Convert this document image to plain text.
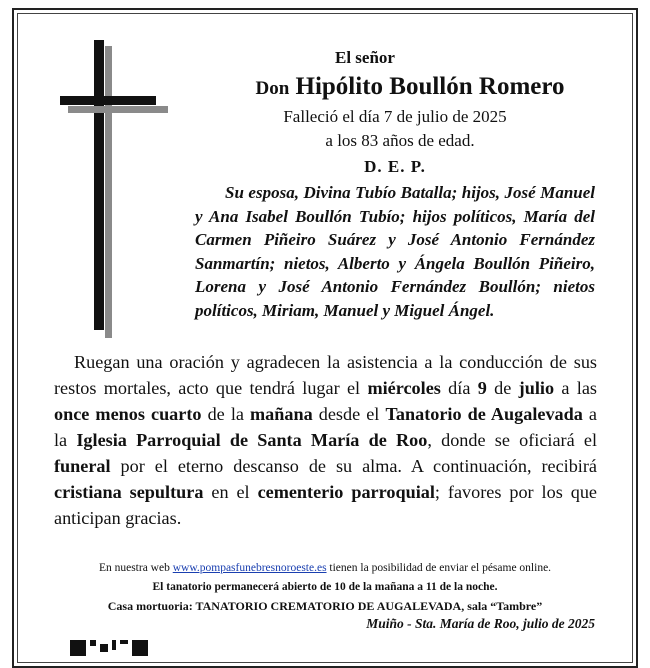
El señor
Don Hipólito Boullón Romero
Falleció el día 7 de julio de 2025
a los 83 años de edad.
D. E. P.
Su esposa, Divina Tubío Batalla; hijos, José Manuel y Ana Isabel Boullón Tubío; hijos políticos, María del Carmen Piñeiro Suárez y José Antonio Fernández Sanmartín; nietos, Alberto y Ángela Boullón Piñeiro, Lorena y José Antonio Fernández Boullón; nietos políticos, Miriam, Manuel y Miguel Ángel.
Ruegan una oración y agradecen la asistencia a la conducción de sus restos mortales, acto que tendrá lugar el miércoles día 9 de julio a las once menos cuarto de la mañana desde el Tanatorio de Augalevada a la Iglesia Parroquial de Santa María de Roo, donde se oficiará el funeral por el eterno descanso de su alma. A continuación, recibirá cristiana sepultura en el cementerio parroquial; favores por los que anticipan gracias.
En nuestra web www.pompasfunebresnoroeste.es tienen la posibilidad de enviar el pésame online.
El tanatorio permanecerá abierto de 10 de la mañana a 11 de la noche.
Casa mortuoria: TANATORIO CREMATORIO DE AUGALEVADA, sala “Tambre”
Muiño - Sta. María de Roo, julio de 2025
